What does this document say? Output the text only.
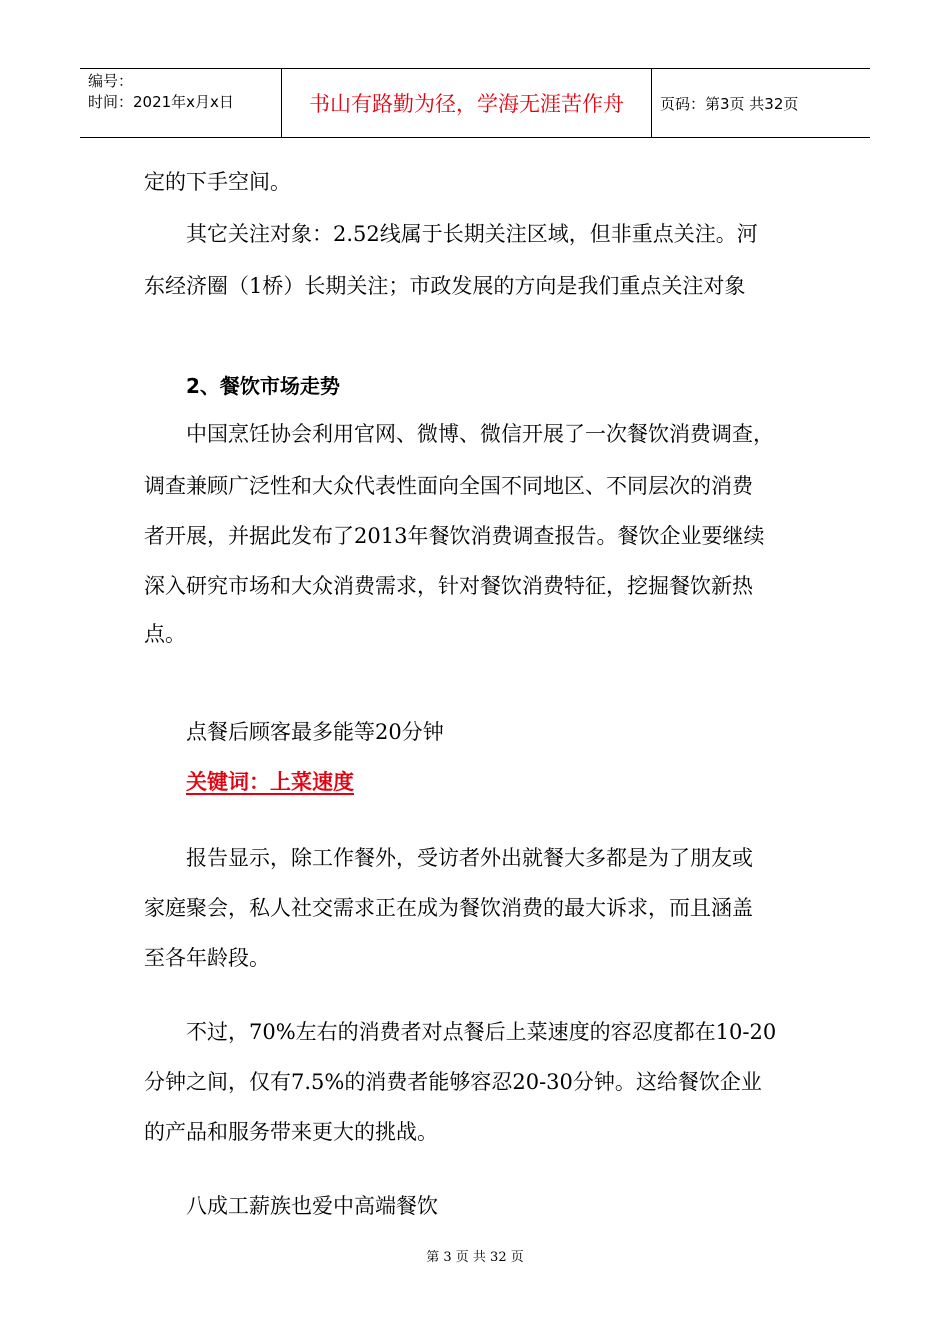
编号：
时间：2021年x月x日	书山有路勤为径，学海无涯苦作舟	页码：第3页 共32页
定的下手空间。
其它关注对象：2.52线属于长期关注区域，但非重点关注。河
东经济圈（1桥）长期关注；市政发展的方向是我们重点关注对象
2、餐饮市场走势
中国烹饪协会利用官网、微博、微信开展了一次餐饮消费调查，
调查兼顾广泛性和大众代表性面向全国不同地区、不同层次的消费
者开展，并据此发布了2013年餐饮消费调查报告。餐饮企业要继续
深入研究市场和大众消费需求，针对餐饮消费特征，挖掘餐饮新热
点。
点餐后顾客最多能等20分钟
关键词：上菜速度
报告显示，除工作餐外，受访者外出就餐大多都是为了朋友或
家庭聚会，私人社交需求正在成为餐饮消费的最大诉求，而且涵盖
至各年龄段。
不过，70%左右的消费者对点餐后上菜速度的容忍度都在10-20
分钟之间，仅有7.5%的消费者能够容忍20-30分钟。这给餐饮企业
的产品和服务带来更大的挑战。
八成工薪族也爱中高端餐饮
第 3 页 共 32 页
